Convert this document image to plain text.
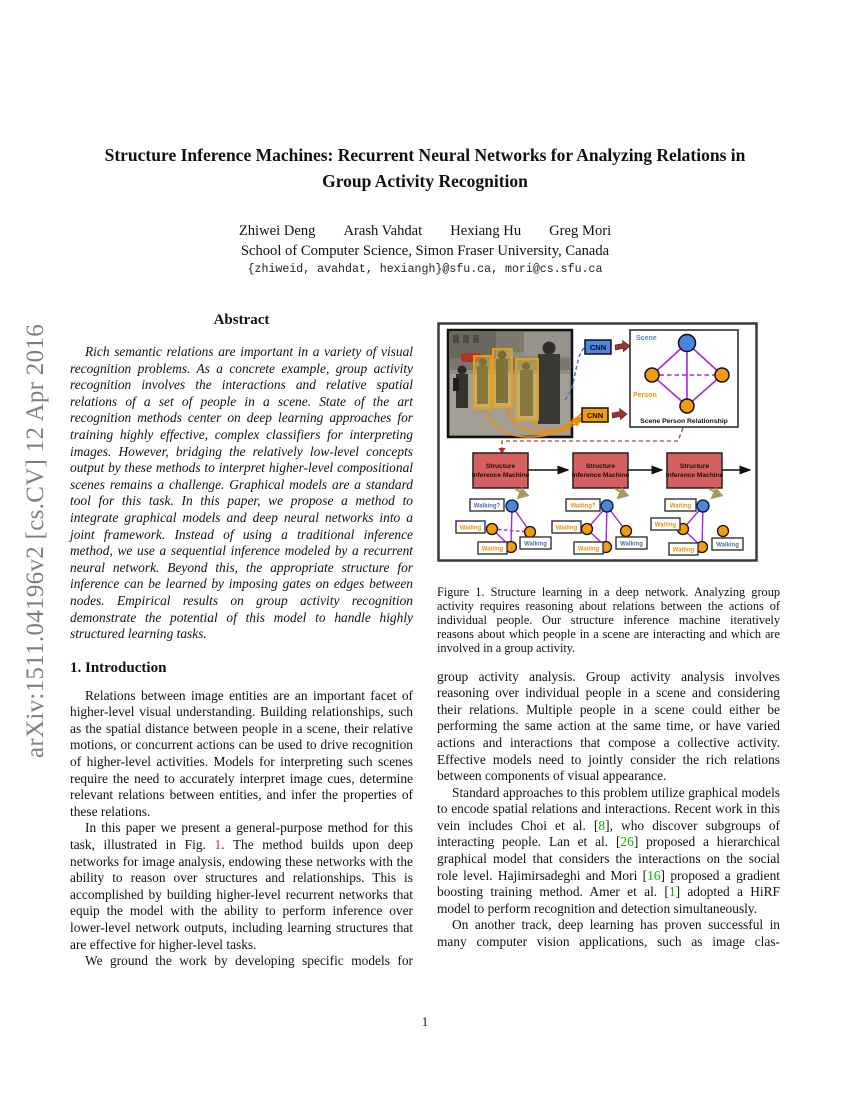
arXiv:1511.04196v2 [cs.CV] 12 Apr 2016
Structure Inference Machines: Recurrent Neural Networks for Analyzing Relations in Group Activity Recognition
Zhiwei Deng Arash Vahdat Hexiang Hu Greg Mori
School of Computer Science, Simon Fraser University, Canada
{zhiweid, avahdat, hexiangh}@sfu.ca, mori@cs.sfu.ca
Abstract

Rich semantic relations are important in a variety of visual recognition problems. As a concrete example, group activity recognition involves the interactions and relative spatial relations of a set of people in a scene. State of the art recognition methods center on deep learning approaches for training highly effective, complex classifiers for interpreting images. However, bridging the relatively low-level concepts output by these methods to interpret higher-level compositional scenes remains a challenge. Graphical models are a standard tool for this task. In this paper, we propose a method to integrate graphical models and deep neural networks into a joint framework. Instead of using a traditional inference method, we use a sequential inference modeled by a recurrent neural network. Beyond this, the appropriate structure for inference can be learned by imposing gates on edges between nodes. Empirical results on group activity recognition demonstrate the potential of this model to handle highly structured learning tasks.

1. Introduction

Relations between image entities are an important facet of higher-level visual understanding. Building relationships, such as the spatial distance between people in a scene, their relative motions, or concurrent actions can be used to drive recognition of higher-level activities. Models for interpreting such scenes require the need to accurately interpret image cues, determine relevant relations between entities, and infer the properties of these relations.

In this paper we present a general-purpose method for this task, illustrated in Fig. 1. The method builds upon deep networks for image analysis, endowing these networks with the ability to reason over structures and relationships. This is accomplished by building higher-level recurrent networks that equip the model with the ability to perform inference over lower-level network outputs, including learning structures that are effective for higher-level tasks.

We ground the work by developing specific models for

CNN
CNN
Scene
Person
Scene Person Relationship
Structure
Inference Machine
Structure
Inference Machine
Structure
Inference Machine
Walking?
Waiting
Waiting
Walking
Waiting?
Waiting
Waiting
Walking
Waiting
Waiting
Waiting
Walking
Figure 1. Structure learning in a deep network. Analyzing group activity requires reasoning about relations between the actions of individual people. Our structure inference machine iteratively reasons about which people in a scene are interacting and which are involved in a group activity.

group activity analysis. Group activity analysis involves reasoning over individual people in a scene and considering their relations. Multiple people in a scene could either be performing the same action at the same time, or have varied actions and interactions that compose a collective activity. Effective models need to jointly consider the rich relations between components of visual appearance.

Standard approaches to this problem utilize graphical models to encode spatial relations and interactions. Recent work in this vein includes Choi et al. [8], who discover subgroups of interacting people. Lan et al. [26] proposed a hierarchical graphical model that considers the interactions on the social role level. Hajimirsadeghi and Mori [16] proposed a gradient boosting training method. Amer et al. [1] adopted a HiRF model to perform recognition and detection simultaneously.

On another track, deep learning has proven successful in many computer vision applications, such as image clas-

1
